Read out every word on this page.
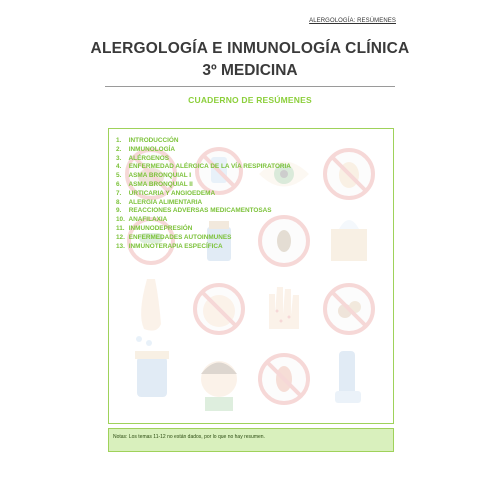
ALERGOLOGÍA: RESÚMENES
ALERGOLOGÍA E INMUNOLOGÍA CLÍNICA
3º MEDICINA
CUADERNO DE RESÚMENES
1. INTRODUCCIÓN
2. INMUNOLOGÍA
3. ALÉRGENOS
4. ENFERMEDAD ALÉRGICA DE LA VÍA RESPIRATORIA
5. ASMA BRONQUIAL I
6. ASMA BRONQUIAL II
7. URTICARIA Y ANGIOEDEMA
8. ALERGIA ALIMENTARIA
9. REACCIONES ADVERSAS MEDICAMENTOSAS
10. ANAFILAXIA
11. INMUNODEPRESIÓN
12. ENFERMEDADES AUTOINMUNES
13. INMUNOTERAPIA ESPECÍFICA
Notas: Los temas 11-12 no están dados, por lo que no hay resumen.
